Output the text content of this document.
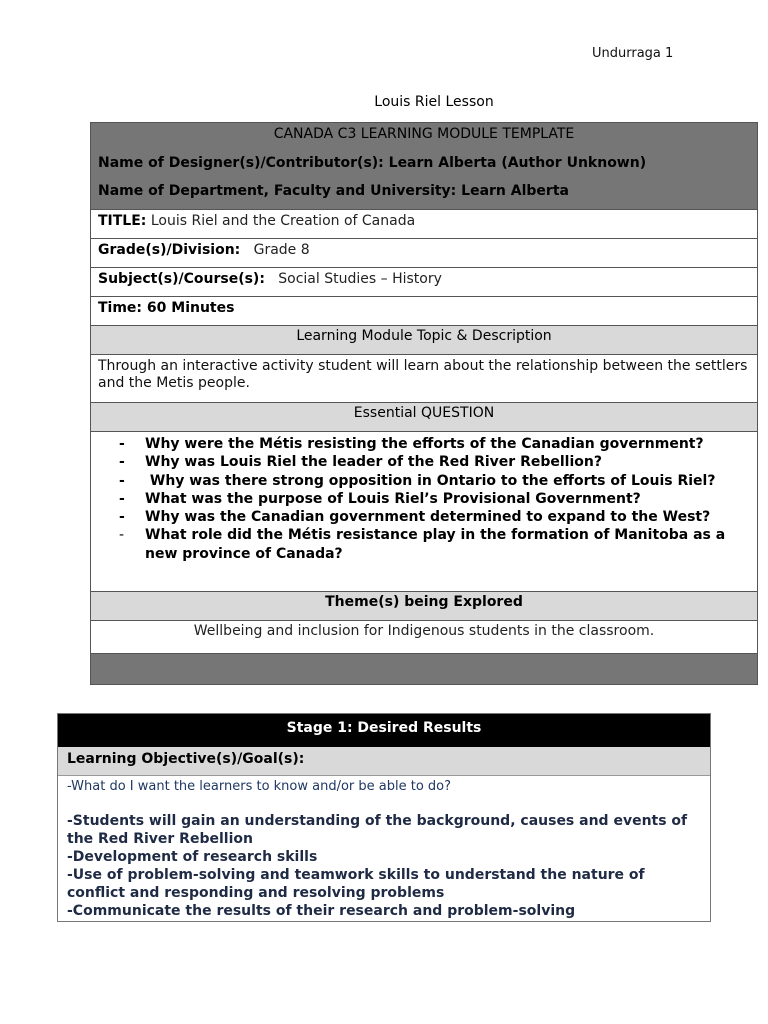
Undurraga 1
Louis Riel Lesson
CANADA C3 LEARNING MODULE TEMPLATE
Name of Designer(s)/Contributor(s): Learn Alberta (Author Unknown)
Name of Department, Faculty and University: Learn Alberta
TITLE: Louis Riel and the Creation of Canada
Grade(s)/Division:   Grade 8
Subject(s)/Course(s):   Social Studies – History
Time: 60 Minutes
Learning Module Topic & Description
Through an interactive activity student will learn about the relationship between the settlers and the Metis people.
Essential QUESTION
-	Why were the Métis resisting the efforts of the Canadian government?
-	Why was Louis Riel the leader of the Red River Rebellion?
-	Why was there strong opposition in Ontario to the efforts of Louis Riel?
-	What was the purpose of Louis Riel’s Provisional Government?
-	Why was the Canadian government determined to expand to the West?
-	What role did the Métis resistance play in the formation of Manitoba as a new province of Canada?
Theme(s) being Explored
Wellbeing and inclusion for Indigenous students in the classroom.
Stage 1: Desired Results
Learning Objective(s)/Goal(s):
-What do I want the learners to know and/or be able to do?
-Students will gain an understanding of the background, causes and events of the Red River Rebellion
-Development of research skills
-Use of problem-solving and teamwork skills to understand the nature of conflict and responding and resolving problems
-Communicate the results of their research and problem-solving
